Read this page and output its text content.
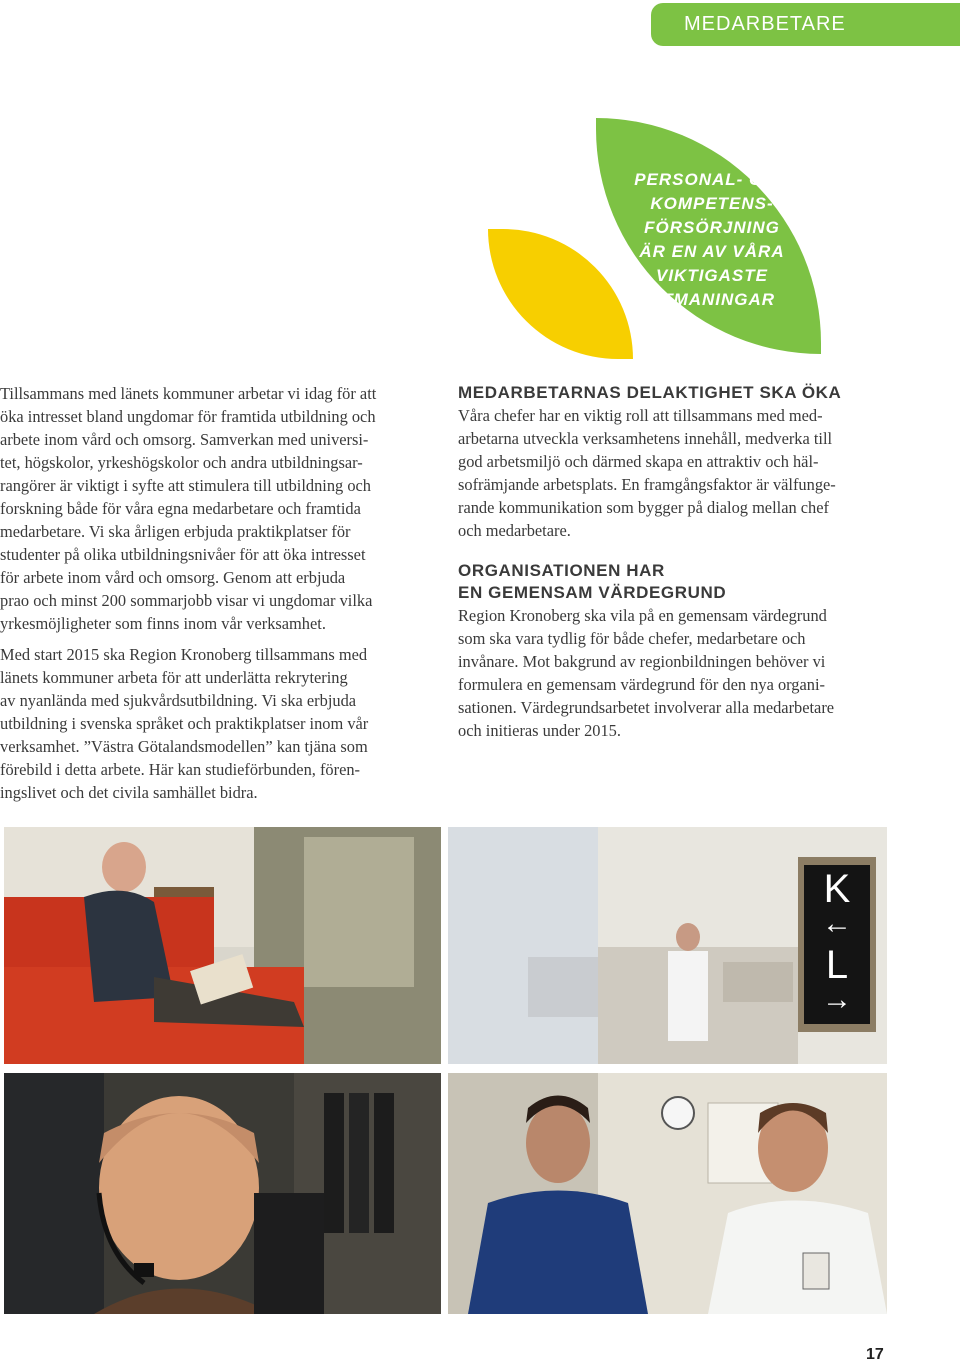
MEDARBETARE
PERSONAL- OCH
KOMPETENS-
FÖRSÖRJNING
ÄR EN AV VÅRA
VIKTIGASTE
UTMANINGAR

Tillsammans med länets kommuner arbetar vi idag för att
öka intresset bland ungdomar för framtida utbildning och
arbete inom vård och omsorg. Samverkan med universi-
tet, högskolor, yrkeshögskolor och andra utbildningsar-
rangörer är viktigt i syfte att stimulera till utbildning och
forskning både för våra egna medarbetare och framtida
medarbetare. Vi ska årligen erbjuda praktikplatser för
studenter på olika utbildningsnivåer för att öka intresset
för arbete inom vård och omsorg. Genom att erbjuda
prao och minst 200 sommarjobb visar vi ungdomar vilka
yrkesmöjligheter som finns inom vår verksamhet.

Med start 2015 ska Region Kronoberg tillsammans med
länets kommuner arbeta för att underlätta rekrytering
av nyanlända med sjukvårdsutbildning. Vi ska erbjuda
utbildning i svenska språket och praktikplatser inom vår
verksamhet. ”Västra Götalandsmodellen” kan tjäna som
förebild i detta arbete. Här kan studieförbunden, fören-
ingslivet och det civila samhället bidra.

MEDARBETARNAS DELAKTIGHET SKA ÖKA

Våra chefer har en viktig roll att tillsammans med med-
arbetarna utveckla verksamhetens innehåll, medverka till
god arbetsmiljö och därmed skapa en attraktiv och häl-
sofrämjande arbetsplats. En framgångsfaktor är välfunge-
rande kommunikation som bygger på dialog mellan chef
och medarbetare.

ORGANISATIONEN HAR
EN GEMENSAM VÄRDEGRUND

Region Kronoberg ska vila på en gemensam värdegrund
som ska vara tydlig för både chefer, medarbetare och
invånare. Mot bakgrund av regionbildningen behöver vi
formulera en gemensam värdegrund för den nya organi-
sationen. Värdegrundsarbetet involverar alla medarbetare
och initieras under 2015.

K
←
L
→
17
